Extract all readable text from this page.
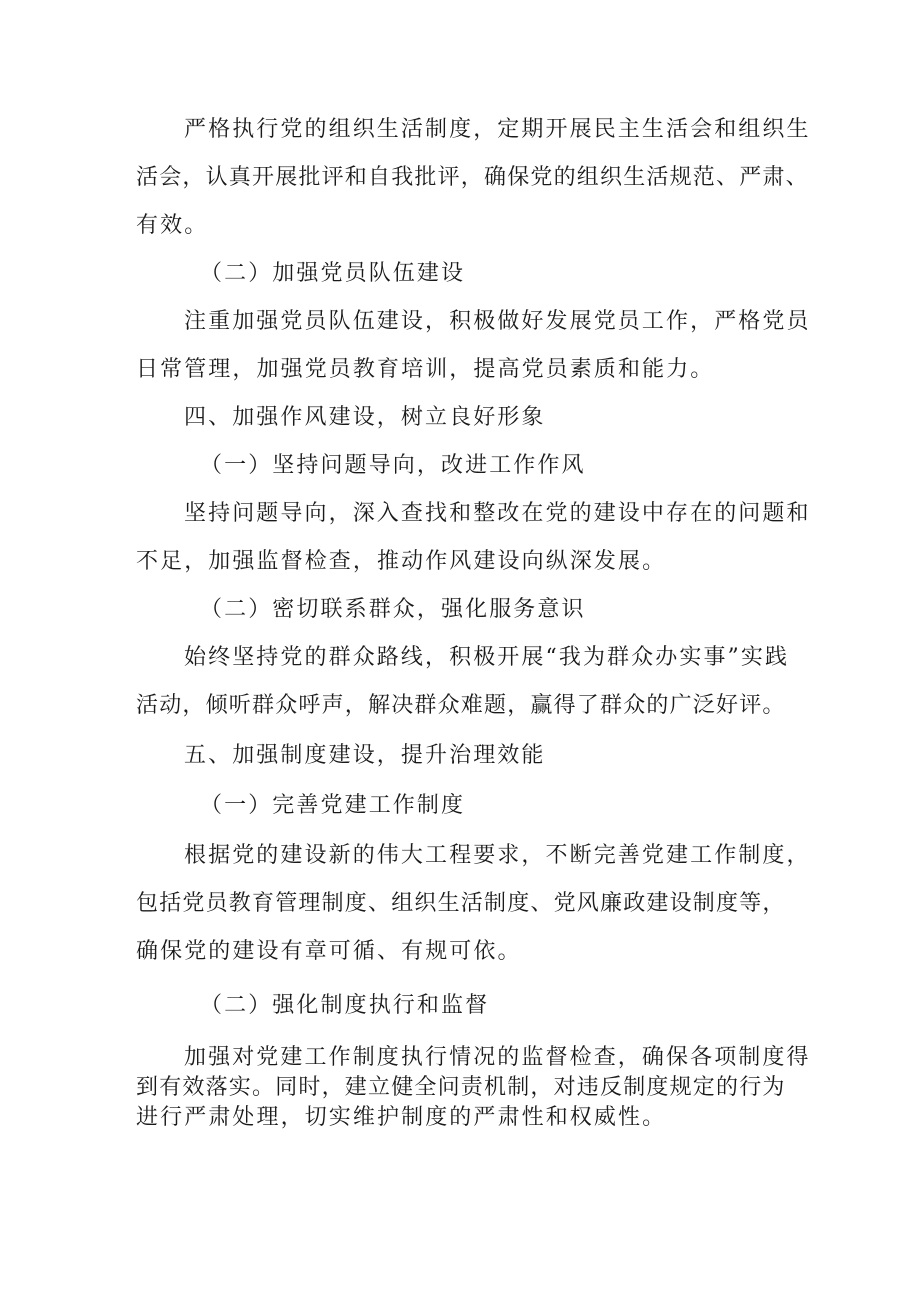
严格执行党的组织生活制度，定期开展民主生活会和组织生

活会，认真开展批评和自我批评，确保党的组织生活规范、严肃、

有效。

（二）加强党员队伍建设

注重加强党员队伍建设，积极做好发展党员工作，严格党员

日常管理，加强党员教育培训，提高党员素质和能力。

四、加强作风建设，树立良好形象

（一）坚持问题导向，改进工作作风

坚持问题导向，深入查找和整改在党的建设中存在的问题和

不足，加强监督检查，推动作风建设向纵深发展。

（二）密切联系群众，强化服务意识

始终坚持党的群众路线，积极开展“我为群众办实事”实践

活动，倾听群众呼声，解决群众难题，赢得了群众的广泛好评。

五、加强制度建设，提升治理效能

（一）完善党建工作制度

根据党的建设新的伟大工程要求，不断完善党建工作制度，

包括党员教育管理制度、组织生活制度、党风廉政建设制度等，

确保党的建设有章可循、有规可依。

（二）强化制度执行和监督

加强对党建工作制度执行情况的监督检查，确保各项制度得

到有效落实。同时，建立健全问责机制，对违反制度规定的行为

进行严肃处理，切实维护制度的严肃性和权威性。
